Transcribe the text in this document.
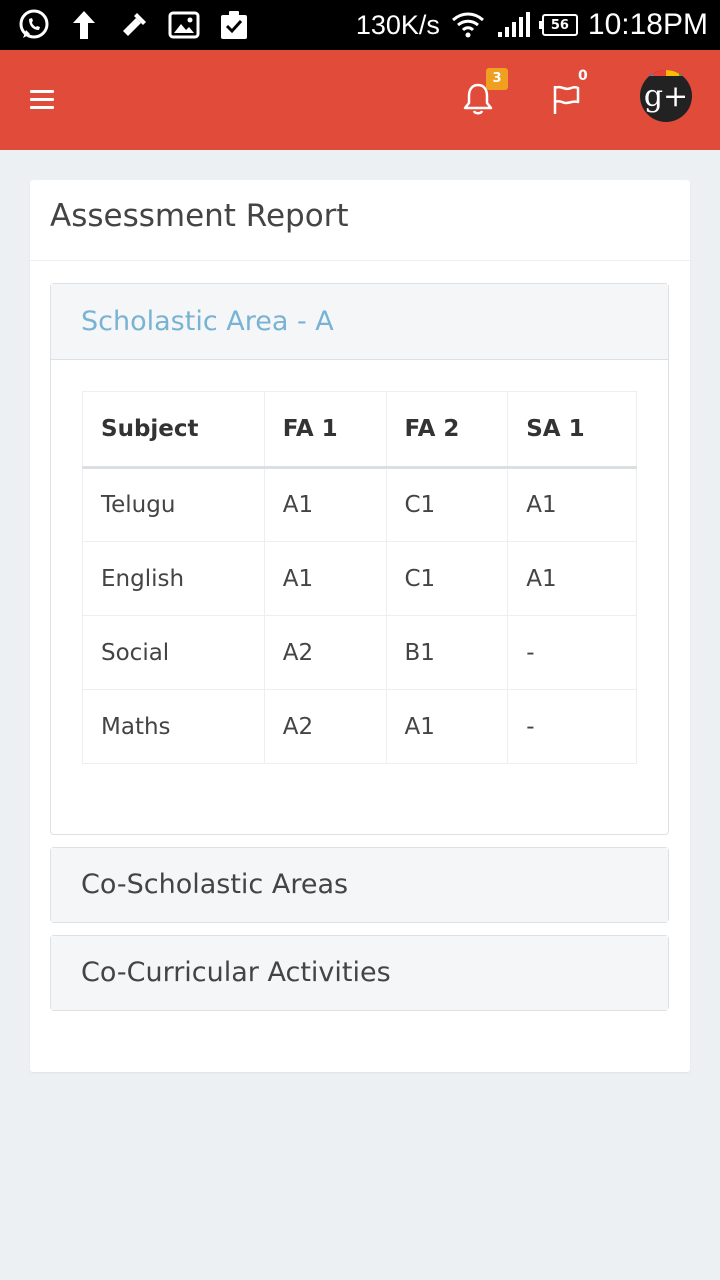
130K/s	56 10:18PM
3	0
g+
Assessment Report
Scholastic Area - A
Subject	FA 1	FA 2	SA 1
Telugu	A1	C1	A1
English	A1	C1	A1
Social	A2	B1	-
Maths	A2	A1	-
Co-Scholastic Areas
Co-Curricular Activities
